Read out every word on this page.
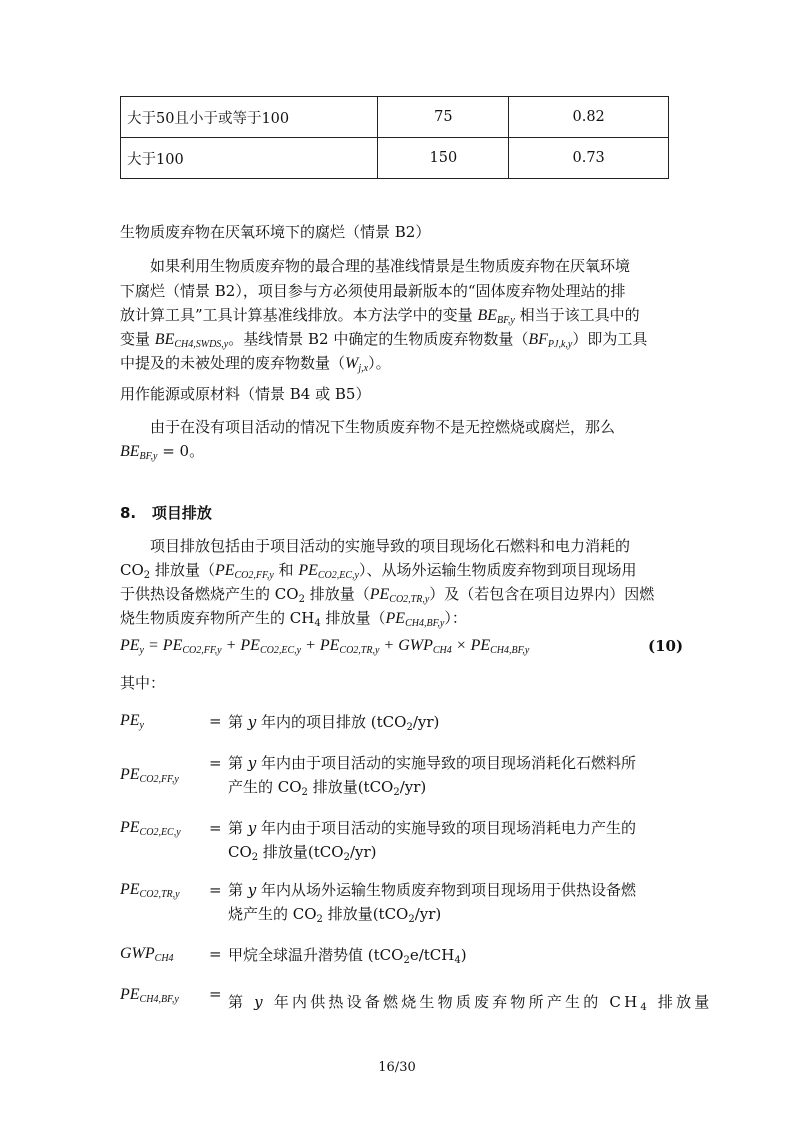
大于50且小于或等于100	75	0.82
大于100	150	0.73
生物质废弃物在厌氧环境下的腐烂（情景 B2）
如果利用生物质废弃物的最合理的基准线情景是生物质废弃物在厌氧环境
下腐烂（情景 B2），项目参与方必须使用最新版本的“固体废弃物处理站的排
放计算工具”工具计算基准线排放。本方法学中的变量 $BE_{BF,y}$ 相当于该工具中的
变量 $BE_{CH4,SWDS,y}$。基线情景 B2 中确定的生物质废弃物数量$(BF_{PJ,k,y})$即为工具
中提及的未被处理的废弃物数量$(W_{j,x})$。
用作能源或原材料（情景 B4 或 B5）
由于在没有项目活动的情况下生物质废弃物不是无控燃烧或腐烂，那么
$BE_{BF,y} = 0$。
8. 项目排放
项目排放包括由于项目活动的实施导致的项目现场化石燃料和电力消耗的
$CO_2$ 排放量（$PE_{CO2,FF,y}$ 和 $PE_{CO2,EC,y}$）、从场外运输生物质废弃物到项目现场用
于供热设备燃烧产生的 $CO_2$ 排放量$(PE_{CO2,TR,y})$及（若包含在项目边界内）因燃
烧生物质废弃物所产生的 $CH_4$ 排放量$(PE_{CH4,BF,y})$：
$PE_y = PE_{CO2,FF,y} + PE_{CO2,EC,y} + PE_{CO2,TR,y} + GWP_{CH4} \times PE_{CH4,BF,y}$	(10)
其中：
$PE_y$	= 第 y 年内的项目排放 (tCO$_2$/yr)
$PE_{CO2,FF,y}$
= 第 y 年内由于项目活动的实施导致的项目现场消耗化石燃料所
产生的 $CO_2$ 排放量(tCO$_2$/yr)
$PE_{CO2,EC,y}$ = 第 y 年内由于项目活动的实施导致的项目现场消耗电力产生的
$CO_2$ 排放量(tCO$_2$/yr)
$PE_{CO2,TR,y}$ = 第 y 年内从场外运输生物质废弃物到项目现场用于供热设备燃
烧产生的 $CO_2$ 排放量(tCO$_2$/yr)
$GWP_{CH4}$ = 甲烷全球温升潜势值 (tCO$_2$e/tCH$_4$)
$PE_{CH4,BF,y}$ = 第 y 年内供热设备燃烧生物质废弃物所产生的 $CH_4$ 排放量
16/30
